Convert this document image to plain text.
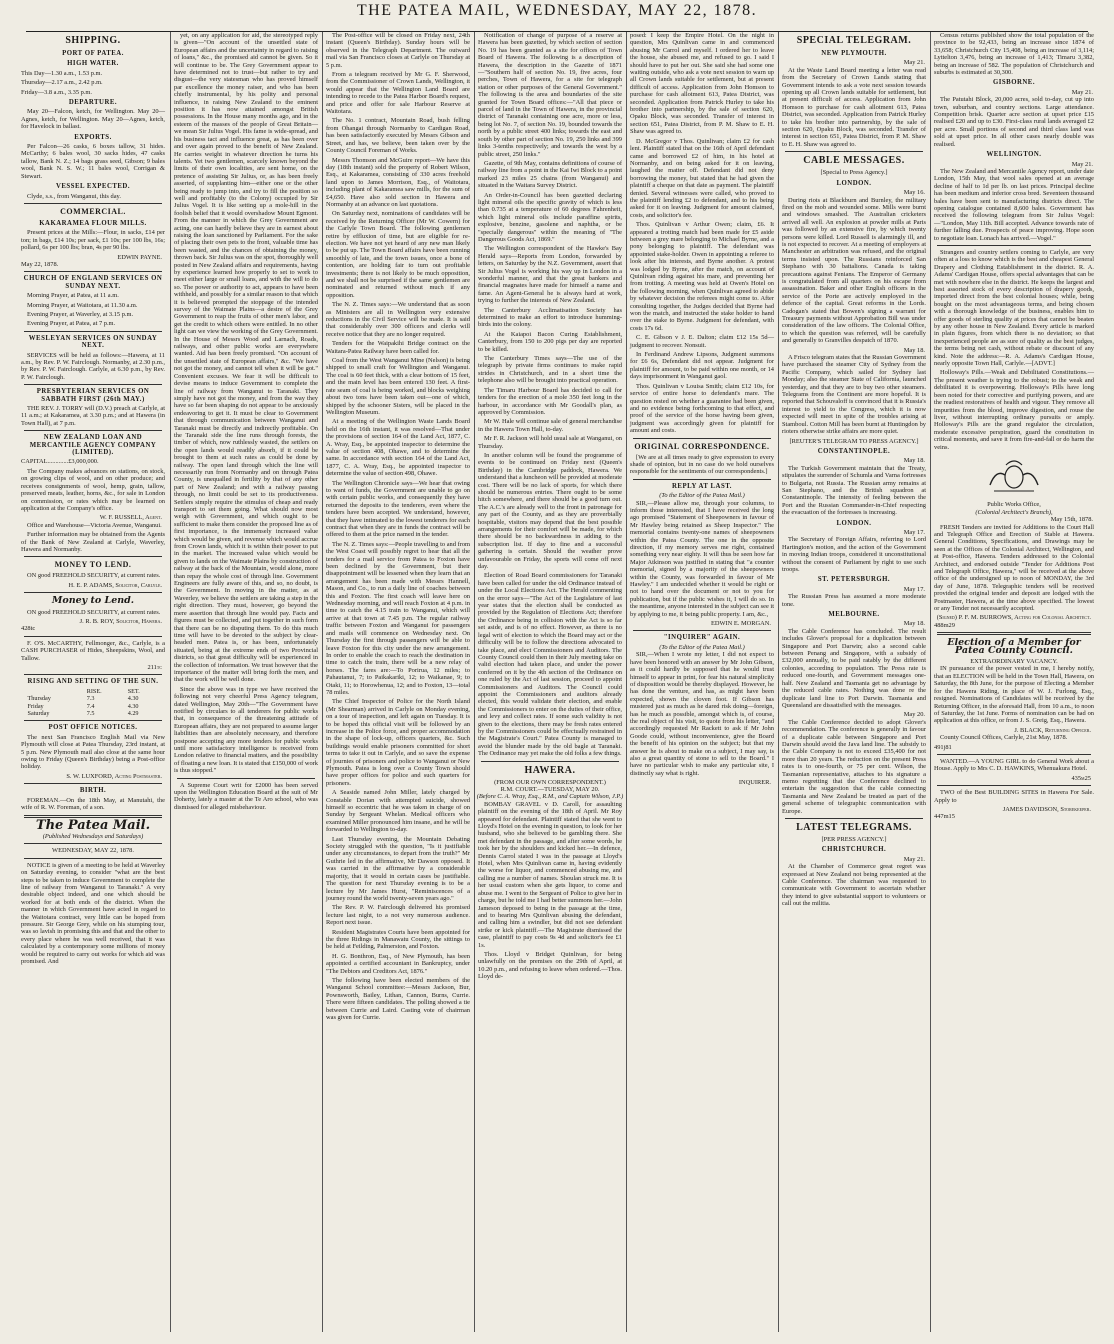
THE PATEA MAIL, WEDNESDAY, MAY 22, 1878.
SHIPPING.
PORT OF PATEA.
HIGH WATER.

This Day—1.30 a.m., 1.53 p.m.

Thursday—2.17 a.m., 2.42 p.m.

Friday—3.8 a.m., 3.35 p.m.

DEPARTURE.

May 20—Falcon, ketch, for Wellington. May 20—Agnes, ketch, for Wellington. May 20—Agnes, ketch, for Havelock in ballast.

EXPORTS.

Per Falcon—26 casks, 6 boxes tallow, 31 hides. McCarthy; 6 bales wool, 30 sacks hides, 47 casks tallow, Bank N. Z.; 14 bags grass seed, Gibson; 9 bales wool, Bank N. S. W.; 11 bales wool, Corrigan & Stewart.

VESSEL EXPECTED.

Clyde, s.s., from Wanganui, this day.

COMMERCIAL.
KAKARAMEA FLOUR MILLS.

Present prices at the Mills:—Flour, in sacks, £14 per ton; in bags, £14 10s; per sack, £1 10s; per 100 lbs, 16s; pollard, 6s per 100 lbs; bran, 4s per 90 lbs.

EDWIN PAYNE.

May 22, 1878.

CHURCH OF ENGLAND SERVICES ON SUNDAY NEXT.

Morning Prayer, at Patea, at 11 a.m.

Morning Prayer, at Waitotara, at 11.30 a.m.

Evening Prayer, at Waverley, at 3.15 p.m.

Evening Prayer, at Patea, at 7 p.m.

WESLEYAN SERVICES ON SUNDAY NEXT.

SERVICES will be held as follows:—Hawera, at 11 a.m., by Rev. P. W. Fairclough. Normanby, at 2.30 p.m., by Rev. P. W. Fairclough. Carlyle, at 6.30 p.m., by Rev. P. W. Fairclough.

PRESBYTERIAN SERVICES ON SABBATH FIRST (26th MAY.)

THE REV. J. TORRY will (D.V.) preach at Carlyle, at 11 a.m.; at Kakaramea, at 3.30 p.m.; and at Hawera (in Town Hall), at 7 p.m.

NEW ZEALAND LOAN AND MERCANTILE AGENCY COMPANY (LIMITED).

CAPITAL.............£3,000,000.

The Company makes advances on stations, on stock, on growing clips of wool, and on other produce; and receives consignments of wool, hemp, grain, tallow, preserved meats, leather, horns, &c., for sale in London on commission, or rates which may be learned on application at the Company's office.

W. F. RUSSELL, Agent.

Office and Warehouse—Victoria Avenue, Wanganui.

Further information may be obtained from the Agents of the Bank of New Zealand at Carlyle, Waverley, Hawera and Normanby.

MONEY TO LEND.

ON good FREEHOLD SECURITY, at current rates.

H. E. P. ADAMS, Solicitor, Carlyle.
Money to Lend.

ON good FREEHOLD SECURITY, at current rates.

J. R. B. ROY, Solicitor, Hawera.

428tc

F. O'S. McCARTHY, Fellmonger, &c., Carlyle, is a CASH PURCHASER of Hides, Sheepskins, Wool, and Tallow.

211tc
RISING AND SETTING OF THE SUN.
	RISE.	SET.
Thursday	7.3	4.30
Friday	7.4	4.30
Saturday	7.5	4.29
POST OFFICE NOTICES.

The next San Francisco English Mail via New Plymouth will close at Patea Thursday, 23rd instant, at 5 p.m. New Plymouth mail also close at the same hour owing to Friday (Queen's Birthday) being a Post-office holiday.

S. W. LUXFORD, Acting Postmaster.
BIRTH.

FOREMAN.—On the 18th May, at Manutahi, the wife of R. W. Foreman, of a son.

The Patea Mail.
(Published Wednesdays and Saturdays)
WEDNESDAY, MAY 22, 1878.

NOTICE is given of a meeting to be held at Waverley on Saturday evening, to consider "what are the best steps to be taken to induce Government to complete the line of railway from Wanganui to Taranaki." A very desirable object indeed, and one which should be worked for at both ends of the district. When the manner in which Government have acted in regard to the Waitotara contract, very little can be hoped from pressure. Sir George Grey, while on his stumping tour, was so lavish in promising this and that and the other to every place where he was well received, that it was calculated by a contemporary some millions of money would be required to carry out works for which aid was promised. And

yet, on any application for aid, the stereotyped reply is given—"On account of the unsettled state of European affairs and the uncertainty in regard to raising of loans," &c., the promised aid cannot be given. So it will continue to be. The Grey Government appear to have determined not to trust—but rather to try and disgust—the very statesman who has proved himself par excellence the money raiser, and who has been chiefly instrumental, by his polity and personal influence, in raising New Zealand to the eminent position it has now attained amongst British possessions. In the House many months ago, and in the esteem of the masses of the people of Great Britain—we mean Sir Julius Vogel. His fame is wide-spread, and his business tact and influence great, as has been over and over again proved to the benefit of New Zealand. He carries weight in whatever direction he turns his talents. Yet two gentlemen, scarcely known beyond the limits of their own localities, are sent home, on the pretence of assisting Sir Julius, or, as has been freely asserted, of supplanting him—either one or the other being ready to jump into, and try to fill the position so well and profitably (to the Colony) occupied by Sir Julius Vogel. It is like setting up a mole-hill in the foolish belief that it would overshadow Mount Egmont. From the manner in which the Grey Government are acting, one can hardly believe they are in earnest about raising the loan sanctioned by Parliament. For the sake of placing their own pets to the front, valuable time has been wasted, and the chances of obtaining the money, thrown back. Sir Julius was on the spot, thoroughly well posted in New Zealand affairs and requirements, having by experience learned how properly to set to work to meet either large or small loans, and with the will to do so. The power or authority to act, appears to have been withheld, and possibly for a similar reason to that which it is believed prompted the stoppage of the intended survey of the Waimate Plains—a desire of the Grey Government to reap the fruits of other men's labor, and get the credit to which others were entitled. In no other light can we view the working of the Grey Government. In the House of Messrs Wood and Larnach, Roads, railways, and other public works are everywhere wanted. Aid has been freely promised. "On account of the unsettled state of European affairs," &c. "We have not got the money, and cannot tell when it will be got." Convenient excuses. We fear it will be difficult to devise means to induce Government to complete the line of railway from Wanganui to Taranaki. They simply have not got the money, and from the way they have so far been shaping do not appear to be anxiously endeavoring to get it. It must be clear to Government that through communication between Wanganui and Taranaki must be directly and indirectly profitable. On the Taranaki side the line runs through forests, the timber of which, now ruthlessly wasted, the settlers on the open lands would readily absorb, if it could be brought to them at such rates as could be done by railway. The open land through which the line will necessarily run from Normanby and on through Patea County, is unequalled in fertility by that of any other part of New Zealand; and with a railway passing through, no limit could be set to its productiveness. Settlers simply require the stimulus of cheap and ready transport to set them going. What should now most weigh with Government, and which ought to be sufficient to make them consider the proposed line as of first importance, is the immensely increased value which would be given, and revenue which would accrue from Crown lands, which it is within their power to put in the market. The increased value which would be given to lands on the Waimate Plains by construction of railway at the back of the Mountain, would alone, more than repay the whole cost of through line. Government Engineers are fully aware of this, and so, no doubt, is the Government. In moving in the matter, as at Waverley, we believe the settlers are taking a step in the right direction. They must, however, go beyond the mere assertion that through line would pay. Facts and figures must be collected, and put together in such form that there can be no disputing them. To do this much time will have to be devoted to the subject by clear-headed men. Patea is, or has been, unfortunately situated, being at the extreme ends of two Provincial districts, so that great difficulty will be experienced in the collection of information. We trust however that the importance of the matter will bring forth the men, and that the work will be well done.

Since the above was in type we have received the following not very cheerful Press Agency telegram, dated Wellington, May 20th—"The Government have notified by circulars to all tenderers for public works that, in consequence of the threatening attitude of European affairs, they are not prepared to assume larger liabilities than are absolutely necessary, and therefore postpone accepting any more tenders for public works until more satisfactory intelligence is received from London relative to financial matters, and the possibility of floating a new loan. It is stated that £150,000 of work is thus stopped."

A Supreme Court writ for £2000 has been served upon the Wellington Education Board at the suit of Mr Doherty, lately a master at the Te Aro school, who was dismissed for alleged misbehaviour.

The Post-office will be closed on Friday next, 24th instant (Queen's Birthday). Sunday hours will be observed in the Telegraph Department. The outward mail via San Francisco closes at Carlyle on Thursday at 5 p.m.

From a telegram received by Mr G. F. Sherwood, from the Commissioner of Crown Lands, Wellington, it would appear that the Wellington Land Board are intending to recede to the Patea Harbor Board's request, and price and offer for sale Harbour Reserve at Waitotara.

The No. 1 contract, Mountain Road, bush felling from Ohangai through Normanby to Cardigan Road, has been satisfactorily executed by Messrs Gibson and Street, and has, we believe, been taken over by the County Council Foreman of Works.

Messrs Thomson and McGuire report—We have this day (18th instant) sold the property of Robert Wilson, Esq., at Kakaramea, consisting of 330 acres freehold land upon to James Morrison, Esq., of Waitotara, including plant of Kakaramea saw mills, for the sum of £4,650. Have also sold section in Hawera and Normanby at an advance on last quotations.

On Saturday next, nominations of candidates will be received by the Returning Officer (Mr W. Cowern) for the Carlyle Town Board. The following gentlemen retire by effluxion of time, but are eligible for re-election. We have not yet heard of any new man likely to be put up. The Town Board affairs have been running smoothly of late, and the town issues, once a bone of contention, are holding fair to turn out profitable investments; there is not likely to be much opposition, and we shall not be surprised if the same gentlemen are nominated and returned without much if any opposition.

The N. Z. Times says:—We understand that as soon as Ministers are all in Wellington very extensive reductions in the Civil Service will be made. It is said that considerably over 300 officers and clerks will receive notice that they are no longer required.

Tenders for the Waipakihi Bridge contract on the Waitara-Patea Railway have been called for.

Coal from the West Wanganui Mine (Nelson) is being shipped to small craft for Wellington and Wanganui. The coal is 60 feet thick, with a clear bottom of 15 feet, and the main level has been entered 130 feet. A first-rate seam of coal is being worked, and blocks weighing about two tons have been taken out—one of which, shipped by the schooner Sisters, will be placed in the Wellington Museum.

At a meeting of the Wellington Waste Lands Board held on the 16th instant, it was resolved—That under the provisions of section 164 of the Land Act, 1877, C. A. Wray, Esq., be appointed inspector to determine the value of section 408, Ohawe, and to determine the same. In accordance with section 164 of the Land Act, 1877, C. A. Wray, Esq., be appointed inspector to determine the value of section 498, Ohawe.

The Wellington Chronicle says—We hear that owing to want of funds, the Government are unable to go on with certain public works, and consequently they have returned the deposits to the tenderers, even where the tenders have been accepted. We understand, however, that they have intimated to the lowest tenderers for each contract that when they are in funds the contract will be offered to them at the price named in the tender.

The N. Z. Times says:—People travelling to and from the West Coast will possibly regret to hear that all the tenders for a mail service from Patea to Foxton have been declined by the Government, but their disappointment will be lessened when they learn that an arrangement has been made with Messrs Hannell, Mason, and Co., to run a daily line of coaches between this and Foxton. The first coach will leave here on Wednesday morning, and will reach Foxton at 4 p.m. in time to catch the 4.15 train to Wanganui, which will arrive at that town at 7.45 p.m. The regular railway traffic between Foxton and Wanganui for passengers and mails will commence on Wednesday next. On Thursday the first through passengers will be able to leave Foxton for this city under the new arrangement. In order to enable the coach to reach the destination in time to catch the train, there will be a new relay of horses. The fares are:—To Porirua, 12 miles; to Pahautanui, 7; to Paikakariki, 12; to Waikanae, 9; to Otaki, 11; to Horowhenua, 12; and to Foxton, 13—total 78 miles.

The Chief Inspector of Police for the North Island (Mr Shearman) arrived in Carlyle on Monday evening, on a tour of inspection, and left again on Tuesday. It is to be hoped this official visit will be followed by an increase in the Police force, and proper accommodation in the shape of lock-up, officers quarters, &c. Such buildings would enable prisoners committed for short terms to take it out in Carlyle, and so save the expense of journies of prisoners and police to Wanganui or New Plymouth. Patea is long over a County Town should have proper offices for police and such quarters for prisoners.

A Seaside named John Miller, lately charged by Constable Dorian with attempted suicide, showed himself so eccentric that he was taken in charge of on Sunday by Sergeant Whelan. Medical officers who examined Miller pronounced him insane, and he will be forwarded to Wellington to-day.

Last Thursday evening, the Mountain Debating Society struggled with the question, "Is it justifiable under any circumstances, to depart from the truth?" Mr Guthrie led in the affirmative, Mr Dawson opposed. It was carried in the affirmative by a considerable majority, that it would in certain cases be justifiable. The question for next Thursday evening is to be a lecture by Mr James Hurst, "Reminiscences of a journey round the world twenty-seven years ago."

The Rev. P. W. Fairclough delivered his promised lecture last night, to a not very numerous audience. Report next issue.

Resident Magistrates Courts have been appointed for the three Ridings in Manawatu County, the sittings to be held at Feilding, Palmerston, and Foxton.

H. G. Bonthron, Esq., of New Plymouth, has been appointed a certified accountant in Bankruptcy, under "The Debtors and Creditors Act, 1876."

The following have been elected members of the Wanganui School committee:—Messrs Jackson, Bur, Pownsworth, Bailey, Lithan, Cannon, Burns, Currie. There were fifteen candidates. The polling showed a tie between Currie and Laird. Casting vote of chairman was given for Currie.

Notification of change of purpose of a reserve at Hawera has been gazetted, by which section of section No. 19 has been granted as a site for offices of Town Board of Hawera. The following is a description of Hawera, the description in the Gazette of 1871—"Southern half of section No. 19, five acres, four perches, Town of Hawera, for a site for telegraph station or other purposes of the General Government." The following is the area and boundaries of the site granted for Town Board offices:—"All that piece or parcel of land in the Town of Hawera, in the provincial district of Taranaki containing one acre, more or less, being lot No. 7, of section No. 19, bounded towards the north by a public street 400 links; towards the east and south by other part of section No. 19, 250 links and 399 links 3-tenths respectively; and towards the west by a public street, 250 links."

Gazette, of 9th May, contains definitions of course of railway line from a point in the Kai Iwi Block to a point marked 23 miles 25 chains (from Wanganui) and situated in the Waitara Survey District.

An Order-in-Council has been gazetted declaring light mineral oils the specific gravity of which is less than 0.735 at a temperature of 60 degrees Fahrenheit, which light mineral oils include paraffine spirits, explosive, benzine, gasolene and naphtha, or be "specially dangerous" within the meaning of "The Dangerous Goods Act, 1869."

The Wellington correspondent of the Hawke's Bay Herald says—Reports from London, forwarded by letters, on Saturday by the N.Z. Government, assert that Sir Julius Vogel is working his way up in London in a wonderful manner, and that the great bankers and financial magnates have made for himself a name and fame. An Agent-General he is always hard at work, trying to further the interests of New Zealand.

The Canterbury Acclimatisation Society has determined to make an effort to introduce humming-birds into the colony.

At the Kaiapoi Bacon Curing Establishment, Canterbury, from 150 to 200 pigs per day are reported to be killed.

The Canterbury Times says—The use of the telegraph by private firms continues to make rapid strides in Christchurch, and in a short time the telephone also will be brought into practical operation.

The Timaru Harbour Board has decided to call for tenders for the erection of a mole 350 feet long in the harbour, in accordance with Mr Goodall's plan, as approved by Commission.

Mr W. Hale will continue sale of general merchandise in the Hawera Town Hall, to-day.

Mr F. R. Jackson will hold usual sale at Wanganui, on Thursday.

In another column will be found the programme of events to be continued on Friday next (Queen's Birthday) in the Cambridge paddock, Hawera. We understand that a luncheon will be provided at moderate cost. There will be no lack of sports, for which there should be numerous entries. There ought to be some hitch somewhere, and there should be a good turn out. The A.C.'s are already well to the front in patronage for any part of the County, and as they are proverbially hospitable, visitors may depend that the best possible arrangements for their comfort will be made, for which there should be no backwardness in adding to the subscription list. If day to fine and a successful gathering is certain. Should the weather prove unfavourable on Friday, the sports will come off next day.

Election of Road Board commissioners for Taranaki have been called for under the old Ordinance instead of under the Local Elections Act. The Herald commenting on the error says—"The Act of the Legislature of last year states that the election shall be conducted as provided by the Regulation of Elections Act; therefore the Ordinance being in collision with the Act is so far set aside, and is of no effect. However, as there is no legal writ of election to which the Board may act or the difficulty will be to follow the directions advocated to take place, and elect Commissioners and Auditors. The County Council could then in their July meeting take on valid election had taken place, and under the power conferred on it by the 4th section of the Ordinance on one ruled by the Act of last session, proceed to appoint Commissioners and Auditors. The Council could appoint the Commissioners and auditors already elected, this would validate their election, and enable the Commissioners to enter on the duties of their office, and levy and collect rates. If some such validity is not given to the elections, there may be fresh rates entered by the Commissioners could be effectually restrained in the Magistrate's Court." Patea County is managed to avoid the blunder made by the old bagle at Taranaki. The Ordinance may yet make the old folks a few things.

HAWERA.
(FROM OUR OWN CORRESPONDENT.)
R.M. COURT.—TUESDAY, MAY 20.
(Before C. A. Wray, Esq., R.M., and Captain Wilson, J.P.)

BOMBAY GRAVEL v D. Caroll, for assaulting plaintiff on the evening of the 18th of April. Mr Roy appeared for defendant. Plaintiff stated that she went to Lloyd's Hotel on the evening in question, to look for her husband, who she believed to be gambling there. She met defendant in the passage, and after some words, he took her by the shoulders and kicked her.—In defence, Dennis Carrol stated I was in the passage at Lloyd's Hotel, when Mrs Quinlivan came in, having evidently the worse for liquor, and commenced abusing me, and calling me a number of names. Shoulan struck me. It is her usual custom when she gets liquor, to come and abuse me. I went to the Sergeant of Police to give her in charge, but he told me I had better summons her.—John Jameson deposed to being in the passage at the time, and to hearing Mrs Quinlivan abusing the defendant, and calling him a swindler, but did not see defendant strike or kick plaintiff.—The Magistrate dismissed the case, plaintiff to pay costs 9s 4d and solicitor's fee £1 1s.

Thos. Lloyd v Bridget Quinlivan, for being unlawfully on the premises on the 29th of April, at 10.20 p.m., and refusing to leave when ordered.—Thos. Lloyd de-

posed: I keep the Empire Hotel. On the night in question, Mrs Quinlivan came in and commenced abusing Mr Carrol and myself. I ordered her to leave the house, she abused me, and refused to go. I said I should have to put her out. She said she had some one waiting outside, who ask a vote next session to warn up all Crown lands suitable for settlement, but at present difficult of access. Application from John Homson to purchase for cash allotment 613, Patea District, was seconded. Application from Patrick Hurley to take his brother into partnership, by the sale of section 620, Opaku Block, was seconded. Transfer of interest in section 651, Patea District, from P. M. Shaw to E. H. Shaw was agreed to.

D. McGregor v Thos. Quinlivan; claim £2 for cash lent. Plaintiff stated that on the 16th of April defendant came and borrowed £2 of him, in his hotel at Normanby, and on being asked for it on leaving, laughed the matter off. Defendant did not deny borrowing the money, but stated that he had given the plaintiff a cheque on that date as payment. The plaintiff denied. Several witnesses were called, who proved to the plaintiff lending £2 to defendant, and to his being asked for it on leaving. Judgment for amount claimed, costs, and solicitor's fee.

Thos. Quinlivan v Arthur Owen; claim, £6. It appeared a trotting match had been made for £5 aside between a grey mare belonging to Michael Byrne, and a pony belonging to plaintiff. The defendant was appointed stake-holder. Owen in appointing a referee to look after his interests, and Byrne another. A protest was lodged by Byrne, after the match, on account of Quinlivan riding against his mare, and preventing her from trotting. A meeting was held at Owen's Hotel on the following morning, when Quinlivan agreed to abide by whatever decision the referees might come to. After consulting together, the Judges decided that Byrne had won the match, and instructed the stake holder to hand over the stake to Byrne. Judgment for defendant, with costs 17s 6d.

C. E. Gibson v J. E. Dalton; claim £12 15s 5d—judgment to recover. Nonsuit.

In Ferdinand Andrew Lipsons, Judgment summons for £6 6s, Defendant did not appear. Judgment for plaintiff for amount, to be paid within one month, or 14 days imprisonment in Wanganui gaol.

Thos. Quinlivan v Louisa Smith; claim £12 10s, for service of entire horse to defendant's mare. The question rested on whether a guarantee had been given, and no evidence being forthcoming to that effect, and proof of the service of the horse having been given, judgment was accordingly given for plaintiff for amount and costs.

ORIGINAL CORRESPONDENCE.

[We are at all times ready to give expression to every shade of opinion, but in no case do we hold ourselves responsible for the sentiments of our correspondents.]

REPLY AT LAST.
(To the Editor of the Patea Mail.)

SIR,—Please allow me, through your columns, to inform those interested, that I have received the long ago promised "Statement of Sheepowners in favour of Mr Hawley being retained as Sheep Inspector." The memorial contains twenty-one names of sheepowners within the Patea County. The one in the opposite direction, if my memory serves me right, contained something very near eighty. It will thus be seen how far Major Atkinson was justified in stating that "a counter memorial, signed by a majority of the sheepowners within the County, was forwarded in favour of Mr Hawley." I am undecided whether it would be right or not to hand over the document or not to you for publication, but if the public wishes it, I will do so. In the meantime, anyone interested in the subject can see it by applying to me, it being public property. I am, &c.,

EDWIN E. MORGAN.
"INQUIRER" AGAIN.
(To the Editor of the Patea Mail.)

SIR,—When I wrote my letter, I did not expect to have been honored with an answer by Mr John Gibson, as it could hardly be supposed that he would trust himself to appear in print, for fear his natural simplicity of disposition would be thereby displayed. However, he has done the venture, and has, as might have been expected, shown the cloven foot. If Gibson has mustered just as much as he dared risk doing—foreign, has he much as possible, amongst which is, of course, the real object of his visit, to quote from his letter, "and accordingly requested Mr Rackett to ask if Mr John Goode could, without inconvenience, give the Board the benefit of his opinion on the subject; but that my answer he is about to make on a subject, I may say, is also a great quantity of stone to sell to the Board." I have no particular wish to make any particular site, I distinctly say what is right.

INQUIRER.
SPECIAL TELEGRAM.
NEW PLYMOUTH.
May 21.

At the Waste Land Board meeting a letter was read from the Secretary of Crown Lands stating that Government intends to ask a vote next session towards opening up all Crown lands suitable for settlement, but at present difficult of access. Application from John Homson to purchase for cash allotment 613, Patea District, was seconded. Application from Patrick Hurley to take his brother into partnership, by the sale of section 620, Opaku Block, was seconded. Transfer of interest in section 651, Patea District, from P. M. Shaw to E. H. Shaw was agreed to.

CABLE MESSAGES.
[Special to Press Agency.]
LONDON.
May 16.

During riots at Blackburn and Burnley, the military fired on the mob and wounded some. Mills were burnt and windows smashed. The Australian cricketers arrived all well. An explosion at powder mills at Paris was followed by an extensive fire, by which twenty persons were killed. Lord Russell is alarmingly ill, and is not expected to recover. At a meeting of employers at Manchester an arbitration was refused, and the original terms insisted upon. The Russians reinforced San Stephano with 30 battalions. Canada is taking precautions against Fenians. The Emperor of Germany is congratulated from all quarters on his escape from assassination. Baker and other English officers in the service of the Porte are actively employed in the defence of the capital. Great reforms in the Lords. Cadogan's stated that Bowen's signing a warrant for Treasury payments without Approbation Bill was under consideration of the law officers. The Colonial Office, to which the question was referred, will be carefully and generally to Granvilles despatch of 1870.

May 18.

A Frisco telegram states that the Russian Government have purchased the steamer City of Sydney from the Pacific Company, which sailed for Sydney last Monday; also the steamer State of California, launched yesterday, and that they are to buy two other steamers. Telegrams from the Continent are more hopeful. It is reported that Schouvaloff is convinced that it is Russia's interest to yield to the Congress, which it is now expected will meet in spite of the troubles arising at Stamboul. Cotton Mill has been burnt at Huntingdon by rioters otherwise strike affairs are more quiet.

[REUTER'S TELEGRAM TO PRESS AGENCY.]
CONSTANTINOPLE.
May 18.

The Turkish Government maintain that the Treaty, stipulates the surrender of Schumla and Varna fortresses to Bulgaria, not Russia. The Russian army remains at San Stephano, and the British squadron at Constantinople. The intensity of feeling between the Port and the Russian Commander-in-Chief respecting the evacuation of the fortresses is increasing.

LONDON.
May 17.

The Secretary of Foreign Affairs, referring to Lord Hartington's motion, and the action of the Government in moving Indian troops, considered it unconstitutional without the consent of Parliament by right to use such troops.

ST. PETERSBURGH.
May 17.

The Russian Press has assumed a more moderate tone.

MELBOURNE.
May 18.

The Cable Conference has concluded. The result includes Glover's proposal for a duplication between Singapore and Port Darwin; also a second cable between Penang and Singapore, with a subsidy of £32,000 annually, to be paid ratably by the different colonies, according to population. The Press rate is reduced one-fourth, and Government messages one-half. New Zealand and Tasmania get no advantage by the reduced cable rates. Nothing was done re the duplicate land line to Port Darwin. Tasmania and Queensland are dissatisfied with the messages.

May 20.

The Cable Conference decided to adopt Glover's recommendation. The conference is generally in favour of a duplicate cable between Singapore and Port Darwin should avoid the Java land line. The subsidy to the Cable Company is not to exceed £35,400 for not more than 20 years. The reduction on the present Press rates is to one-fourth, or 75 per cent. Wilson, the Tasmanian representative, attaches to his signature a memo regretting that the Conference declined to entertain the suggestion that the cable connecting Tasmania and New Zealand be treated as part of the general scheme of telegraphic communication with Europe.

LATEST TELEGRAMS.
[PER PRESS AGENCY.]
CHRISTCHURCH.
May 21.

At the Chamber of Commerce great regret was expressed at New Zealand not being represented at the Cable Conference. The chairman was requested to communicate with Government to ascertain whether they intend to give substantial support to volunteers or call out the militia.

Census returns published show the total population of the province to be 92,433, being an increase since 1874 of 33,658; Christchurch City 15,408, being an increase of 3,114; Lyttelton 3,476, being an increase of 1,413; Timaru 3,382, being an increase of 582. The population of Christchurch and suburbs is estimated at 30,300.

GISBORNE.
May 21.

The Patutahi Block, 20,000 acres, sold to-day, cut up into town, suburban, and country sections. Large attendance. Competition brisk. Quarter acre section at upset price £15 realised £20 and up to £30. First-class rural lands averaged £2 per acre. Small portions of second and third class land was sold at upset price. In all other cases nearly double was realised.

WELLINGTON.
May 21.

The New Zealand and Mercantile Agency report, under date London, 15th May, that wool sales opened at an average decline of half to 1d per lb. on last prices. Principal decline has been medium and inferior cross bred. Seventeen thousand bales have been sent to manufacturing districts direct. The opening catalogue contained 8,600 bales. Government has received the following telegram from Sir Julius Vogel:—"London, May 11th. Bill accepted. Advance towards rate of further falling due. Prospects of peace improving. Hope soon to negotiate loan. Lonach has arrived.—Vogel."

Strangers and country settlers coming to Carlyle, are very often at a loss to know which is the best and cheapest General Drapery and Clothing Establishment in the district. R. A. Adams' Cardigan House, offers special advantages that can be met with nowhere else in the district. He keeps the largest and best assorted stock of every description of drapery goods, imported direct from the best colonial houses; while, being bought on the most advantageous terms, and being chosen with a thorough knowledge of the business, enables him to offer goods of sterling quality at prices that cannot be beaten by any other house in New Zealand. Every article is marked in plain figures, from which there is no deviation; so that inexperienced people are as sure of quality as the best judges, the terms being net cash, without rebate or discount of any kind. Note the address:—R. A. Adams's Cardigan House, nearly opposite Town Hall, Carlyle.—[ADVT.]

Holloway's Pills.—Weak and Debilitated Constitutions.—The present weather is trying to the robust; to the weak and debilitated it is overpowering. Holloway's Pills have long been noted for their corrective and purifying powers, and are the readiest restoratives of health and vigour. They remove all impurities from the blood, improve digestion, and rouse the liver, without interrupting ordinary pursuits or amply. Holloway's Pills are the grand regulator the circulation, moderate excessive perspiration, guard the constitution in critical moments, and save it from fire-and-fall or do harm the veins.

Public Works Office,
(Colonial Architect's Branch),
May 15th, 1878.

FRESH Tenders are invited for Additions to the Court Hall and Telegraph Office and Erection of Stable at Hawera. General Conditions, Specifications, and Drawings may be seen at the Offices of the Colonial Architect, Wellington, and at Post-office, Hawera. Tenders addressed to the Colonial Architect, and endorsed outside "Tender for Additions Post and Telegraph Office, Hawera," will be received at the above office of the undersigned up to noon of MONDAY, the 3rd day of June, 1878. Telegraphic tenders will be received provided the original tender and deposit are lodged with the Postmaster, Hawera, at the time above specified. The lowest or any Tender not necessarily accepted.

(Signed) P. F. M. BURROWS, Acting for Colonial Architect.

488m29

Election of a Member for Patea County Council.
EXTRAORDINARY VACANCY.

IN pursuance of the power vested in me, I hereby notify, that an ELECTION will be held in the Town Hall, Hawera, on Saturday, the 8th June, for the purpose of Electing a Member for the Hawera Riding, in place of W. J. Furlong, Esq., resigned. Nominations of Candidates will be received by the Returning Officer, in the aforesaid Hall, from 10 a.m., to noon of Saturday, the 1st June. Forms of nomination can be had on application at this office, or from J. S. Greig, Esq., Hawera.

J. BLACK, Returning Officer.

County Council Offices, Carlyle, 21st May, 1878.

491j81

WANTED.—A YOUNG GIRL to do General Work about a House. Apply to Mrs C. D. HAWKINS, Whenuakura Hotel.

435m25

TWO of the Best BUILDING SITES in Hawera For Sale. Apply to

JAMES DAVIDSON, Storekeeper.

447m15
